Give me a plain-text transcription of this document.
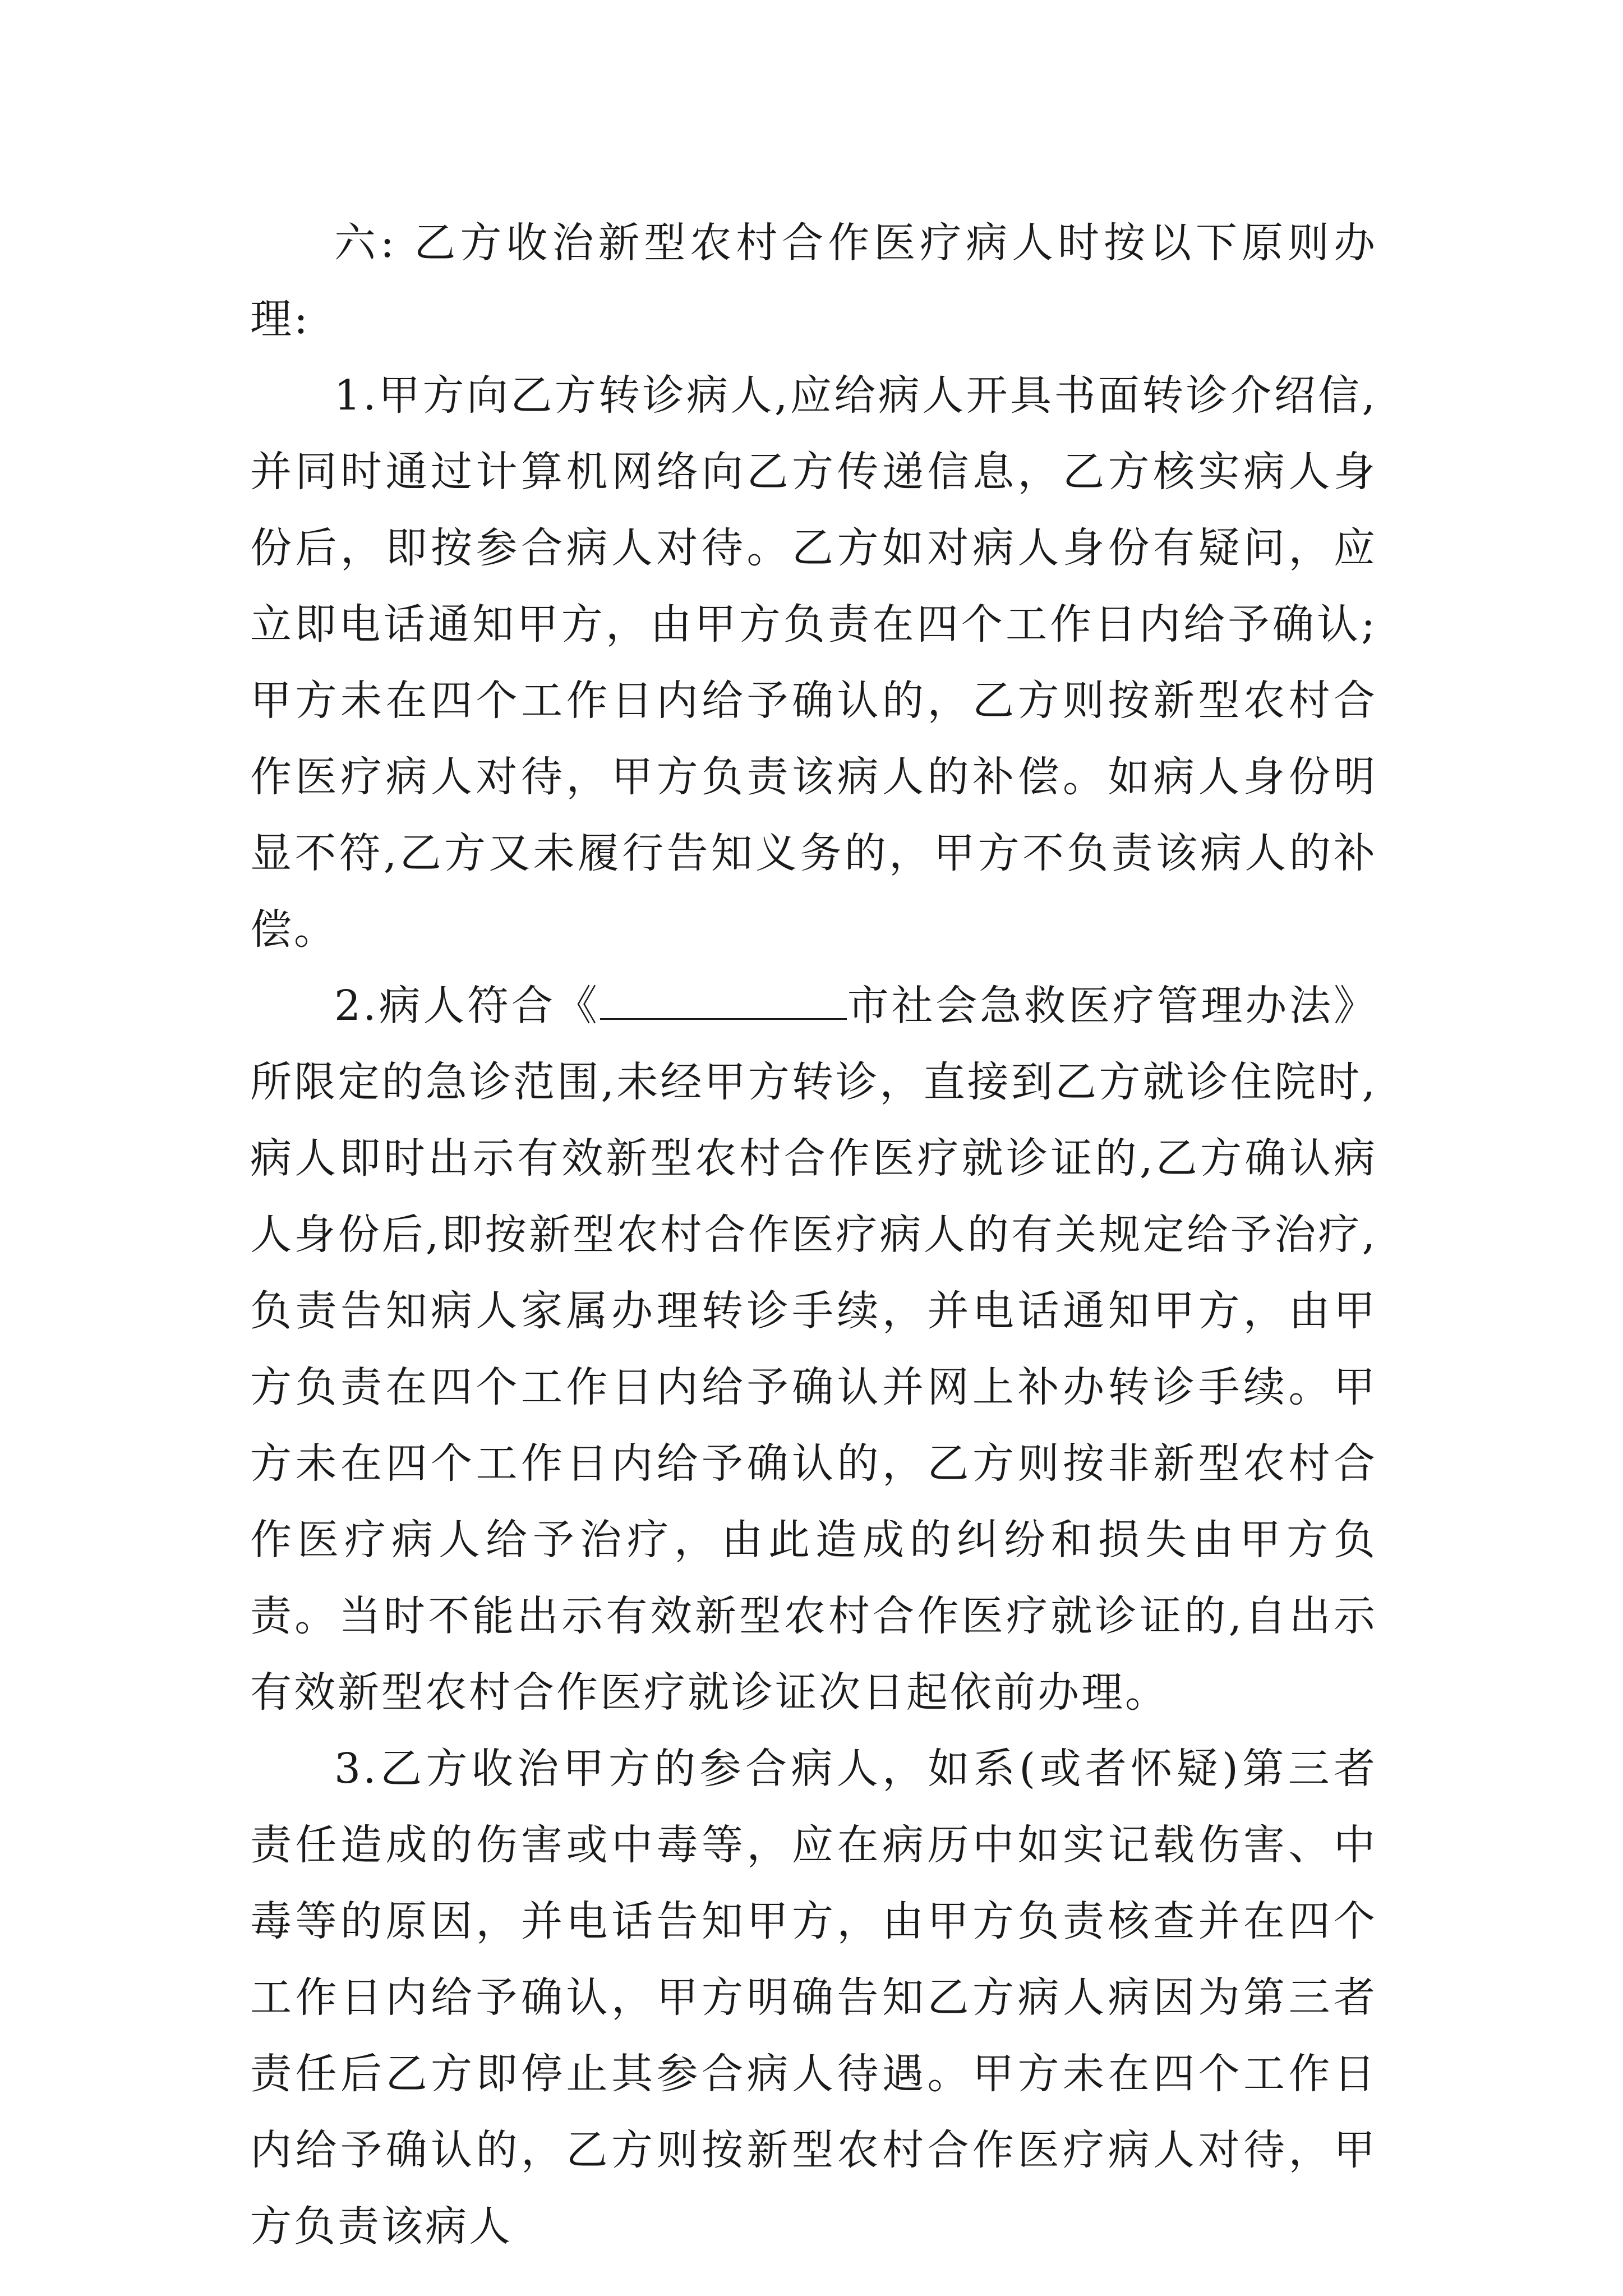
六: 乙方收治新型农村合作医疗病人时按以下原则办理:

1.甲方向乙方转诊病人,应给病人开具书面转诊介绍信,并同时通过计算机网络向乙方传递信息，乙方核实病人身份后，即按参合病人对待。乙方如对病人身份有疑问，应立即电话通知甲方，由甲方负责在四个工作日内给予确认;甲方未在四个工作日内给予确认的，乙方则按新型农村合作医疗病人对待，甲方负责该病人的补偿。如病人身份明显不符,乙方又未履行告知义务的，甲方不负责该病人的补偿。

2.病人符合《	市社会急救医疗管理办法》所限定的急诊范围,未经甲方转诊，直接到乙方就诊住院时,病人即时出示有效新型农村合作医疗就诊证的,乙方确认病人身份后,即按新型农村合作医疗病人的有关规定给予治疗,负责告知病人家属办理转诊手续，并电话通知甲方，由甲方负责在四个工作日内给予确认并网上补办转诊手续。甲方未在四个工作日内给予确认的，乙方则按非新型农村合作医疗病人给予治疗，由此造成的纠纷和损失由甲方负责。当时不能出示有效新型农村合作医疗就诊证的,自出示有效新型农村合作医疗就诊证次日起依前办理。

3.乙方收治甲方的参合病人，如系(或者怀疑)第三者责任造成的伤害或中毒等，应在病历中如实记载伤害、中毒等的原因，并电话告知甲方，由甲方负责核查并在四个工作日内给予确认，甲方明确告知乙方病人病因为第三者责任后乙方即停止其参合病人待遇。甲方未在四个工作日内给予确认的，乙方则按新型农村合作医疗病人对待，甲方负责该病人
